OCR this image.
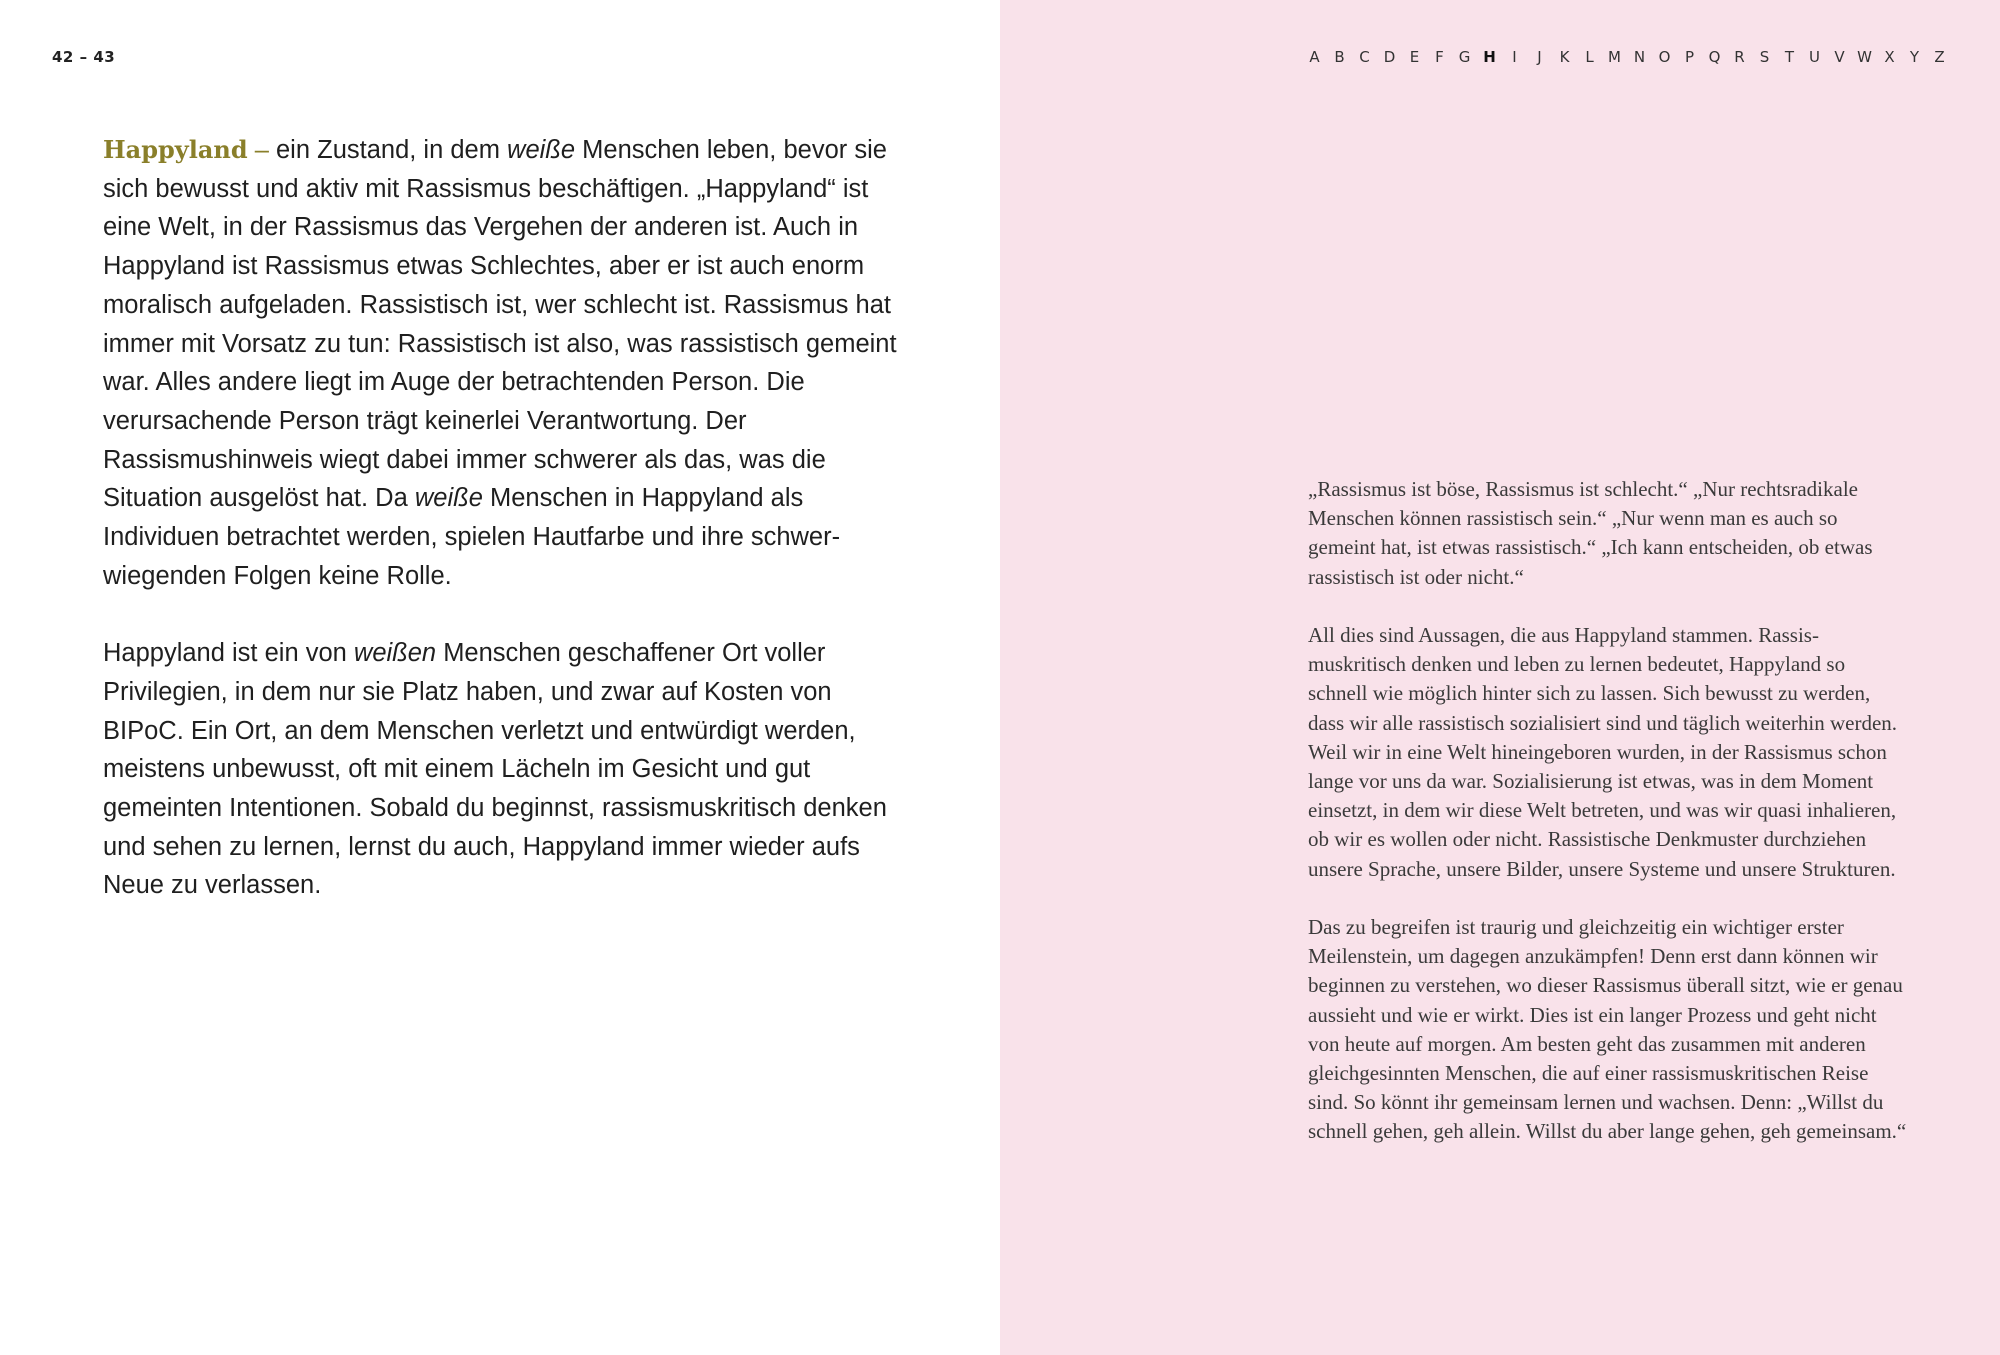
42 – 43

Happyland – ein Zustand, in dem weiße Menschen leben, bevor sie sich bewusst und aktiv mit Rassismus beschäftigen. „Happyland“ ist eine Welt, in der Rassismus das Vergehen der anderen ist. Auch in Happyland ist Rassismus etwas Schlechtes, aber er ist auch enorm moralisch aufgeladen. Rassistisch ist, wer schlecht ist. Rassismus hat immer mit Vorsatz zu tun: Rassistisch ist also, was rassistisch gemeint war. Alles andere liegt im Auge der betrachtenden Person. Die verursachende Person trägt keinerlei Verantwortung. Der Rassismushinweis wiegt dabei immer schwerer als das, was die Situation ausgelöst hat. Da weiße Menschen in Happyland als Individuen betrachtet werden, spielen Hautfarbe und ihre schwerwiegenden Folgen keine Rolle.

Happyland ist ein von weißen Menschen geschaffener Ort voller Privilegien, in dem nur sie Platz haben, und zwar auf Kosten von BIPoC. Ein Ort, an dem Menschen verletzt und entwürdigt werden, meistens unbewusst, oft mit einem Lächeln im Gesicht und gut gemeinten Intentionen. Sobald du beginnst, rassismuskritisch denken und sehen zu lernen, lernst du auch, Happyland immer wieder aufs Neue zu verlassen.

A B C D E	F G H	I	J	K	L M N O P Q R	S	T U V W X	Y	Z

„Rassismus ist böse, Rassismus ist schlecht.“ „Nur rechtsradikale Menschen können rassistisch sein.“ „Nur wenn man es auch so gemeint hat, ist etwas rassistisch.“ „Ich kann entscheiden, ob etwas rassistisch ist oder nicht.“

All dies sind Aussagen, die aus Happyland stammen. Rassismuskritisch denken und leben zu lernen bedeutet, Happyland so schnell wie möglich hinter sich zu lassen. Sich bewusst zu werden, dass wir alle rassistisch sozialisiert sind und täglich weiterhin werden. Weil wir in eine Welt hineingeboren wurden, in der Rassismus schon lange vor uns da war. Sozialisierung ist etwas, was in dem Moment einsetzt, in dem wir diese Welt betreten, und was wir quasi inhalieren, ob wir es wollen oder nicht. Rassistische Denkmuster durchziehen unsere Sprache, unsere Bilder, unsere Systeme und unsere Strukturen.

Das zu begreifen ist traurig und gleichzeitig ein wichtiger erster Meilenstein, um dagegen anzukämpfen! Denn erst dann können wir beginnen zu verstehen, wo dieser Rassismus überall sitzt, wie er genau aussieht und wie er wirkt. Dies ist ein langer Prozess und geht nicht von heute auf morgen. Am besten geht das zusammen mit anderen gleichgesinnten Menschen, die auf einer rassismuskritischen Reise sind. So könnt ihr gemeinsam lernen und wachsen. Denn: „Willst du schnell gehen, geh allein. Willst du aber lange gehen, geh gemeinsam.“
